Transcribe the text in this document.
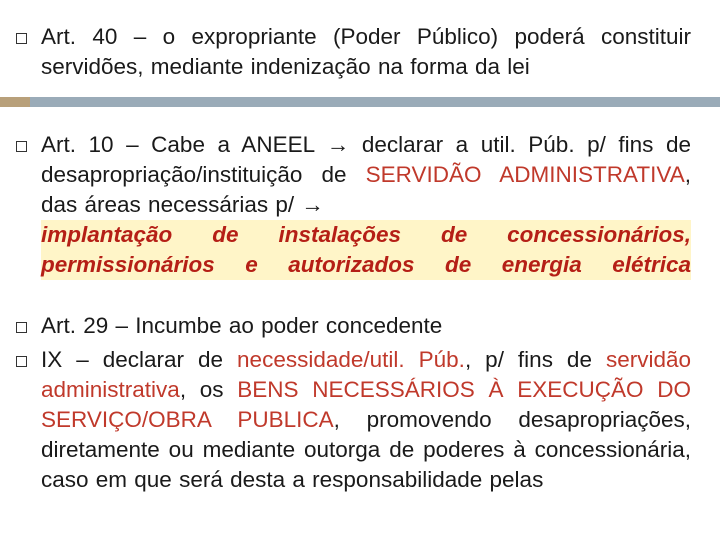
Art. 40 – o expropriante (Poder Público) poderá constituir servidões, mediante indenização na forma da lei
Art. 10 – Cabe a ANEEL → declarar a util. Púb. p/ fins de desapropriação/instituição de SERVIDÃO ADMINISTRATIVA, das áreas necessárias p/ →
implantação de instalações de concessionários,
permissionários e autorizados de energia elétrica
Art. 29 – Incumbe ao poder concedente
IX – declarar de necessidade/util. Púb., p/ fins de servidão administrativa, os BENS NECESSÁRIOS À EXECUÇÃO DO SERVIÇO/OBRA PUBLICA, promovendo desapropriações, diretamente ou mediante outorga de poderes à concessionária, caso em que será desta a responsabilidade pelas
